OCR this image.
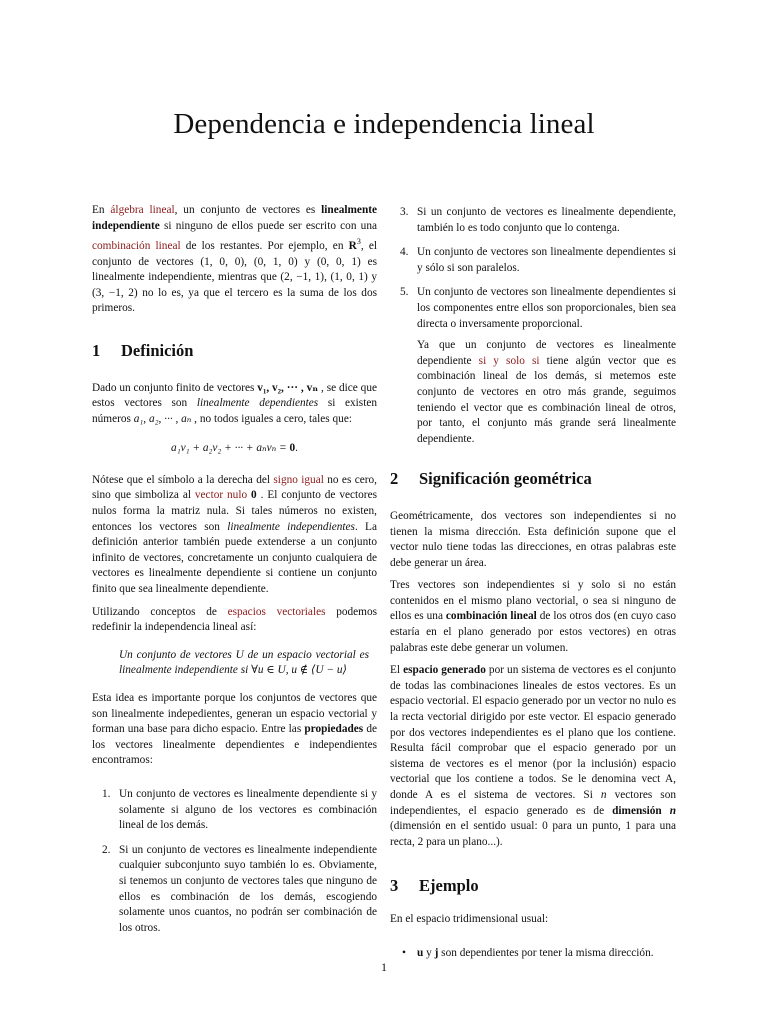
Dependencia e independencia lineal

En álgebra lineal, un conjunto de vectores es linealmente independiente si ninguno de ellos puede ser escrito con una combinación lineal de los restantes. Por ejemplo, en $R^3$, el conjunto de vectores (1, 0, 0), (0, 1, 0) y (0, 0, 1) es linealmente independiente, mientras que (2, −1, 1), (1, 0, 1) y (3, −1, 2) no lo es, ya que el tercero es la suma de los dos primeros.

1	Definición

Dado un conjunto finito de vectores v₁, v₂, ··· , vₙ , se dice que estos vectores son linealmente dependientes si existen números a₁, a₂, ··· , aₙ , no todos iguales a cero, tales que:

a₁v₁ + a₂v₂ + ··· + aₙvₙ = 0.

Nótese que el símbolo a la derecha del signo igual no es cero, sino que simboliza al vector nulo 0 . El conjunto de vectores nulos forma la matriz nula. Si tales números no existen, entonces los vectores son linealmente independientes. La definición anterior también puede extenderse a un conjunto infinito de vectores, concretamente un conjunto cualquiera de vectores es linealmente dependiente si contiene un conjunto finito que sea linealmente dependiente.

Utilizando conceptos de espacios vectoriales podemos redefinir la independencia lineal así:

Un conjunto de vectores U de un espacio vectorial es linealmente independiente si ∀u ∈ U, u ∉ ⟨U − u⟩

Esta idea es importante porque los conjuntos de vectores que son linealmente indepedientes, generan un espacio vectorial y forman una base para dicho espacio. Entre las propiedades de los vectores linealmente dependientes e independientes encontramos:

1. Un conjunto de vectores es linealmente dependiente si y solamente si alguno de los vectores es combinación lineal de los demás.
2. Si un conjunto de vectores es linealmente independiente cualquier subconjunto suyo también lo es. Obviamente, si tenemos un conjunto de vectores tales que ninguno de ellos es combinación de los demás, escogiendo solamente unos cuantos, no podrán ser combinación de los otros.
3. Si un conjunto de vectores es linealmente dependiente, también lo es todo conjunto que lo contenga.
4. Un conjunto de vectores son linealmente dependientes si y sólo si son paralelos.
5. Un conjunto de vectores son linealmente dependientes si los componentes entre ellos son proporcionales, bien sea directa o inversamente proporcional.

Ya que un conjunto de vectores es linealmente dependiente si y solo si tiene algún vector que es combinación lineal de los demás, si metemos este conjunto de vectores en otro más grande, seguimos teniendo el vector que es combinación lineal de otros, por tanto, el conjunto más grande será linealmente dependiente.

2	Significación geométrica

Geométricamente, dos vectores son independientes si no tienen la misma dirección. Esta definición supone que el vector nulo tiene todas las direcciones, en otras palabras este debe generar un área.

Tres vectores son independientes si y solo si no están contenidos en el mismo plano vectorial, o sea si ninguno de ellos es una combinación lineal de los otros dos (en cuyo caso estaría en el plano generado por estos vectores) en otras palabras este debe generar un volumen.

El espacio generado por un sistema de vectores es el conjunto de todas las combinaciones lineales de estos vectores. Es un espacio vectorial. El espacio generado por un vector no nulo es la recta vectorial dirigido por este vector. El espacio generado por dos vectores independientes es el plano que los contiene. Resulta fácil comprobar que el espacio generado por un sistema de vectores es el menor (por la inclusión) espacio vectorial que los contiene a todos. Se le denomina vect A, donde A es el sistema de vectores. Si n vectores son independientes, el espacio generado es de dimensión n (dimensión en el sentido usual: 0 para un punto, 1 para una recta, 2 para un plano...).

3	Ejemplo

En el espacio tridimensional usual:

• u y j son dependientes por tener la misma dirección.
1
